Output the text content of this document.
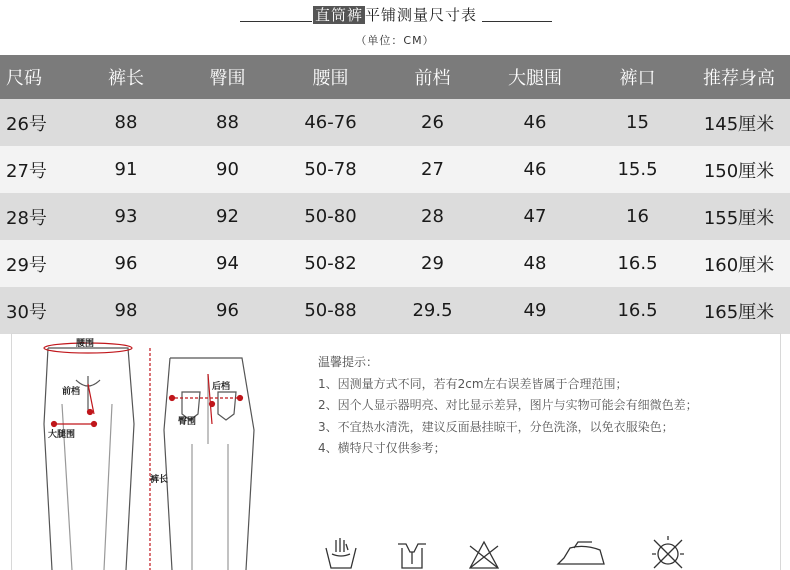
直筒裤 平铺测量尺寸表
（单位：CM）
尺码	裤长	臀围	腰围	前档	大腿围	裤口	推荐身高
26号	88	88	46-76	26	46	15	145厘米
27号	91	90	50-78	27	46	15.5	150厘米
28号	93	92	50-80	28	47	16	155厘米
29号	96	94	50-82	29	48	16.5	160厘米
30号	98	96	50-88	29.5	49	16.5	165厘米
腰围
前档
大腿围
裤长
后档
臀围
温馨提示：
1、因测量方式不同，若有2cm左右误差皆属于合理范围；
2、因个人显示器明亮、对比显示差异，图片与实物可能会有细微色差；
3、不宜热水清洗，建议反面悬挂晾干，分色洗涤，以免衣服染色；
4、横特尺寸仅供参考；
